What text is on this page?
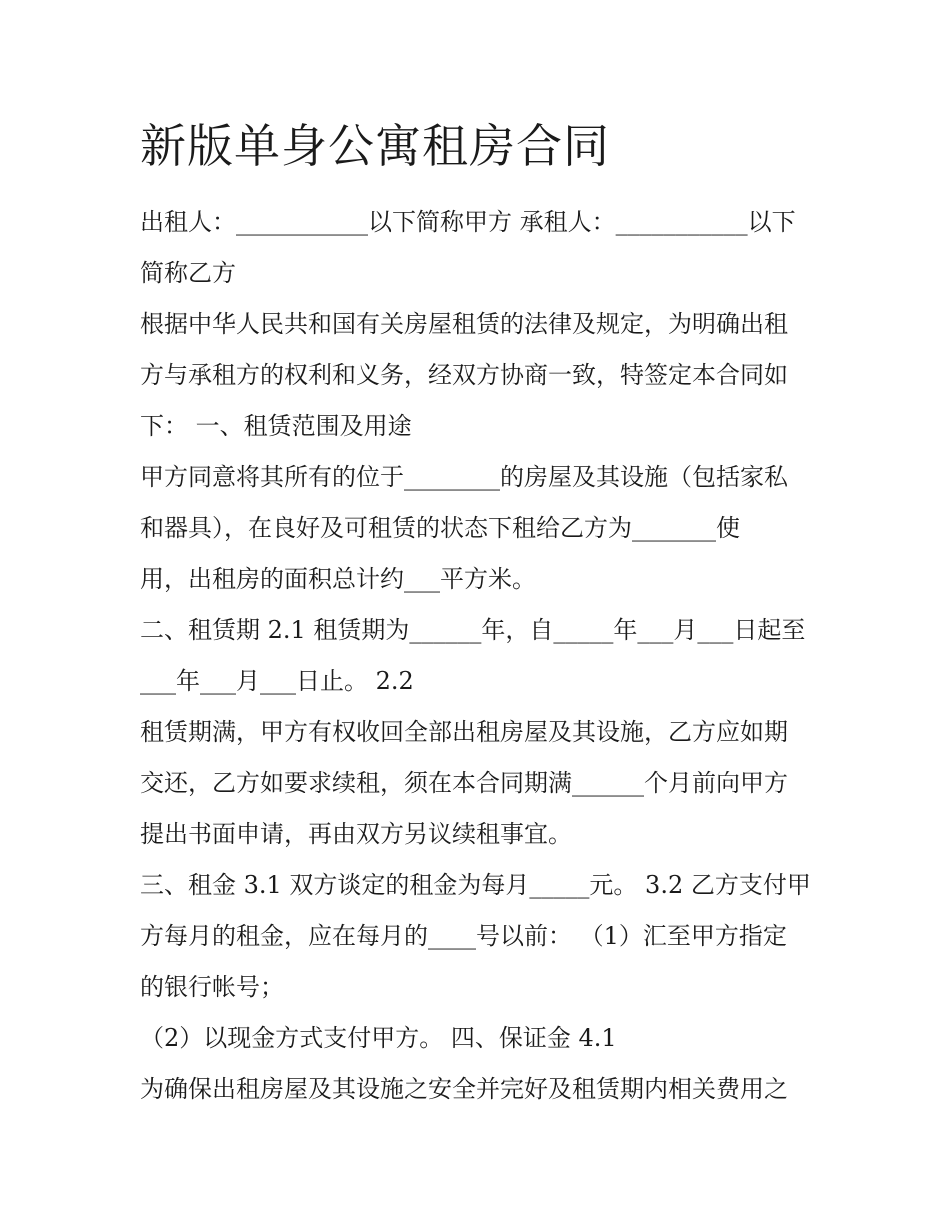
新版单身公寓租房合同

出租人：___________以下简称甲方 承租人：___________以下

简称乙方

根据中华人民共和国有关房屋租赁的法律及规定，为明确出租

方与承租方的权利和义务，经双方协商一致，特签定本合同如

下： 一、租赁范围及用途

甲方同意将其所有的位于________的房屋及其设施（包括家私

和器具），在良好及可租赁的状态下租给乙方为_______使

用，出租房的面积总计约___平方米。

二、租赁期 2.1 租赁期为______年，自_____年___月___日起至

___年___月___日止。 2.2

租赁期满，甲方有权收回全部出租房屋及其设施，乙方应如期

交还，乙方如要求续租，须在本合同期满______个月前向甲方

提出书面申请，再由双方另议续租事宜。

三、租金 3.1 双方谈定的租金为每月_____元。 3.2 乙方支付甲

方每月的租金，应在每月的____号以前： （1）汇至甲方指定

的银行帐号；

（2）以现金方式支付甲方。 四、保证金 4.1

为确保出租房屋及其设施之安全并完好及租赁期内相关费用之
